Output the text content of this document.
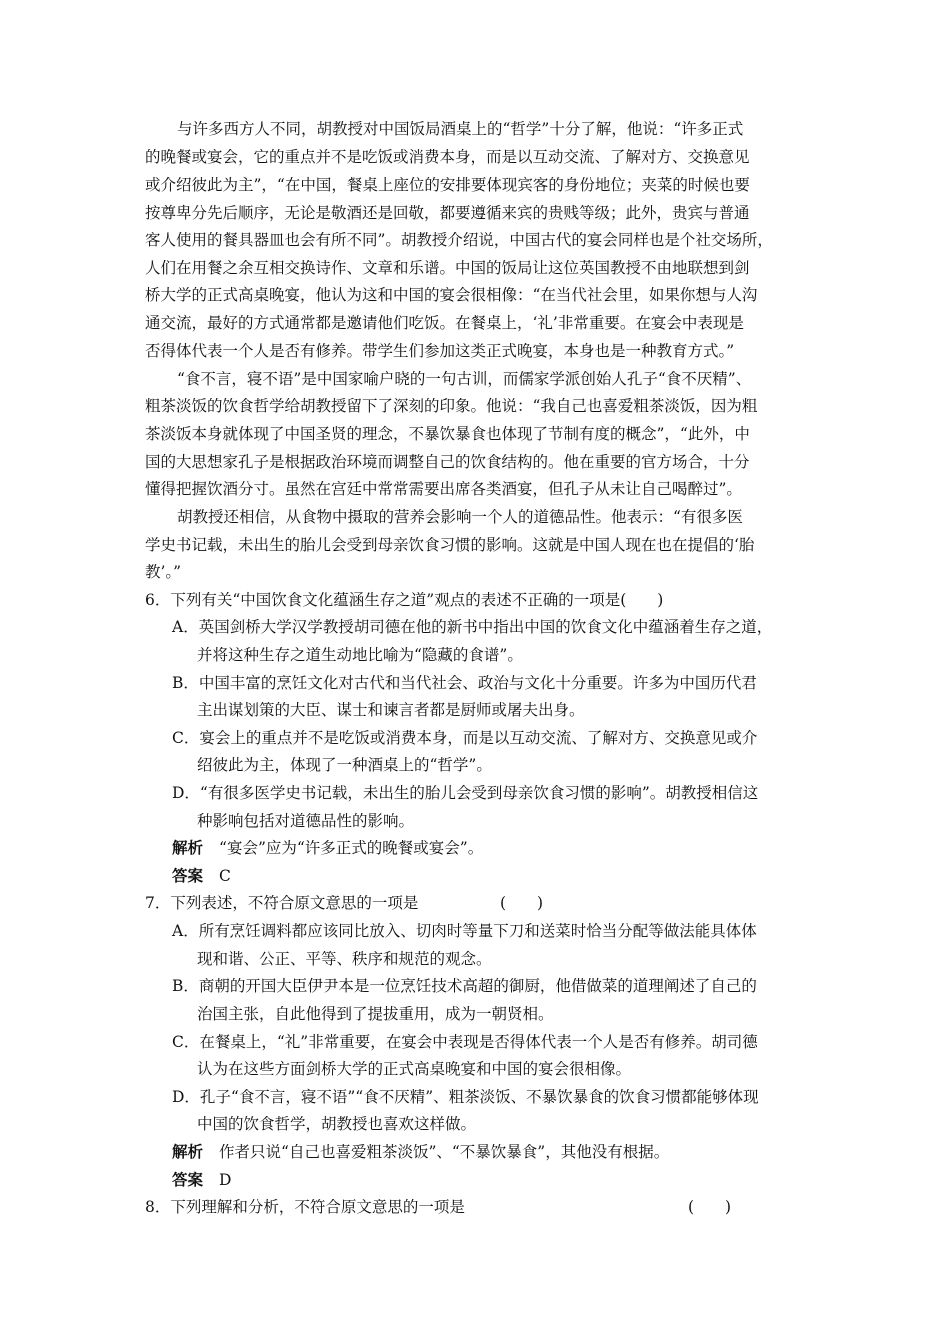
与许多西方人不同，胡教授对中国饭局酒桌上的“哲学”十分了解，他说：“许多正式
的晚餐或宴会，它的重点并不是吃饭或消费本身，而是以互动交流、了解对方、交换意见
或介绍彼此为主”，“在中国，餐桌上座位的安排要体现宾客的身份地位；夹菜的时候也要
按尊卑分先后顺序，无论是敬酒还是回敬，都要遵循来宾的贵贱等级；此外，贵宾与普通
客人使用的餐具器皿也会有所不同”。胡教授介绍说，中国古代的宴会同样也是个社交场所，
人们在用餐之余互相交换诗作、文章和乐谱。中国的饭局让这位英国教授不由地联想到剑
桥大学的正式高桌晚宴，他认为这和中国的宴会很相像：“在当代社会里，如果你想与人沟
通交流，最好的方式通常都是邀请他们吃饭。在餐桌上，‘礼’非常重要。在宴会中表现是
否得体代表一个人是否有修养。带学生们参加这类正式晚宴，本身也是一种教育方式。”
“食不言，寝不语”是中国家喻户晓的一句古训，而儒家学派创始人孔子“食不厌精”、
粗茶淡饭的饮食哲学给胡教授留下了深刻的印象。他说：“我自己也喜爱粗茶淡饭，因为粗
茶淡饭本身就体现了中国圣贤的理念，不暴饮暴食也体现了节制有度的概念”，“此外，中
国的大思想家孔子是根据政治环境而调整自己的饮食结构的。他在重要的官方场合，十分
懂得把握饮酒分寸。虽然在宫廷中常常需要出席各类酒宴，但孔子从未让自己喝醉过”。
胡教授还相信，从食物中摄取的营养会影响一个人的道德品性。他表示：“有很多医
学史书记载，未出生的胎儿会受到母亲饮食习惯的影响。这就是中国人现在也在提倡的‘胎
教’。”
6．下列有关“中国饮食文化蕴涵生存之道”观点的表述不正确的一项是(　　)
A．英国剑桥大学汉学教授胡司德在他的新书中指出中国的饮食文化中蕴涵着生存之道，
并将这种生存之道生动地比喻为“隐藏的食谱”。
B．中国丰富的烹饪文化对古代和当代社会、政治与文化十分重要。许多为中国历代君
主出谋划策的大臣、谋士和谏言者都是厨师或屠夫出身。
C．宴会上的重点并不是吃饭或消费本身，而是以互动交流、了解对方、交换意见或介
绍彼此为主，体现了一种酒桌上的“哲学”。
D．“有很多医学史书记载，未出生的胎儿会受到母亲饮食习惯的影响”。胡教授相信这
种影响包括对道德品性的影响。
解析 “宴会”应为“许多正式的晚餐或宴会”。
答案 C
7．下列表述，不符合原文意思的一项是	(　　)
A．所有烹饪调料都应该同比放入、切肉时等量下刀和送菜时恰当分配等做法能具体体
现和谐、公正、平等、秩序和规范的观念。
B．商朝的开国大臣伊尹本是一位烹饪技术高超的御厨，他借做菜的道理阐述了自己的
治国主张，自此他得到了提拔重用，成为一朝贤相。
C．在餐桌上，“礼”非常重要，在宴会中表现是否得体代表一个人是否有修养。胡司德
认为在这些方面剑桥大学的正式高桌晚宴和中国的宴会很相像。
D．孔子“食不言，寝不语”“食不厌精”、粗茶淡饭、不暴饮暴食的饮食习惯都能够体现
中国的饮食哲学，胡教授也喜欢这样做。
解析 作者只说“自己也喜爱粗茶淡饭”、“不暴饮暴食”，其他没有根据。
答案 D
8．下列理解和分析，不符合原文意思的一项是	(　　)
